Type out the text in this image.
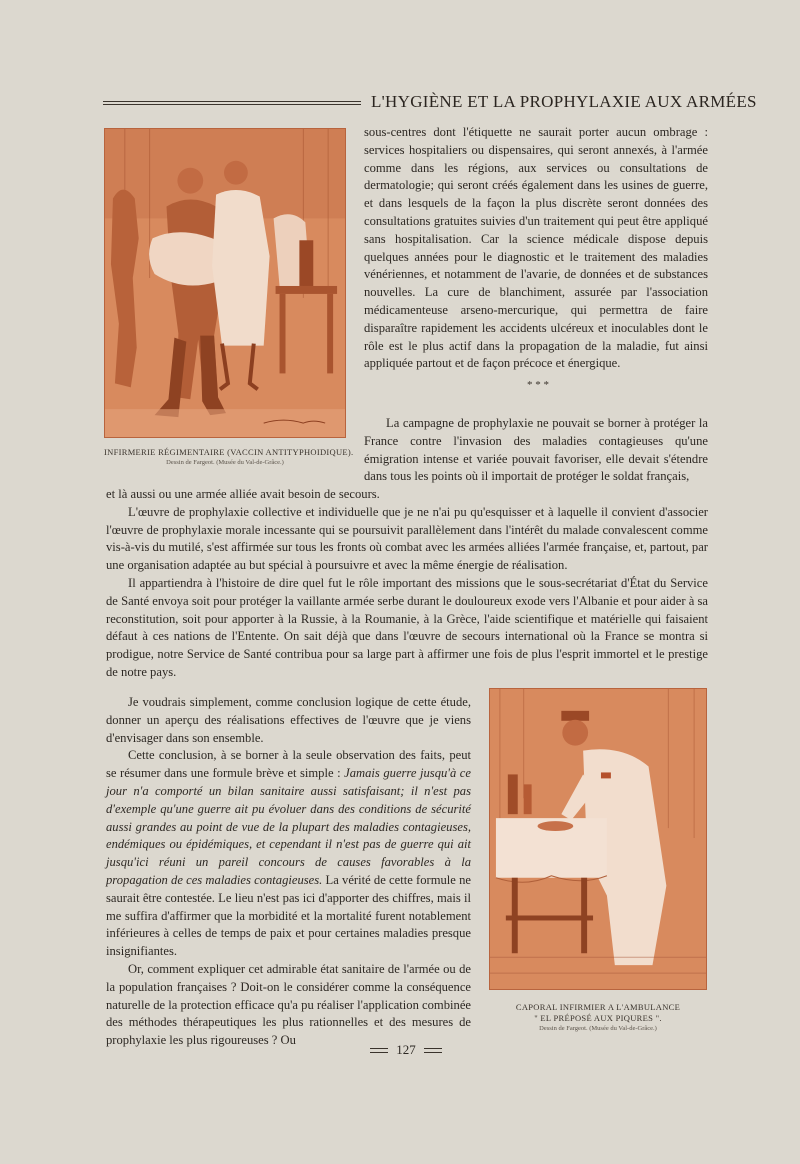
L'HYGIÈNE ET LA PROPHYLAXIE AUX ARMÉES
INFIRMERIE RÉGIMENTAIRE (VACCIN ANTITYPHOIDIQUE).
Dessin de Fargeot. (Musée du Val-de-Grâce.)

sous-centres dont l'étiquette ne saurait porter aucun ombrage : services hospitaliers ou dispensaires, qui seront annexés, à l'armée comme dans les régions, aux services ou consultations de dermatologie; qui seront créés également dans les usines de guerre, et dans lesquels de la façon la plus discrète seront données des consultations gratuites suivies d'un traitement qui peut être appliqué sans hospitalisation. Car la science médicale dispose depuis quelques années pour le diagnostic et le traitement des maladies vénériennes, et notamment de l'avarie, de données et de substances nouvelles. La cure de blanchiment, assurée par l'association médicamenteuse arseno-mercurique, qui permettra de faire disparaître rapidement les accidents ulcéreux et inoculables dont le rôle est le plus actif dans la propagation de la maladie, fut ainsi appliquée partout et de façon précoce et énergique.

* * *

La campagne de prophylaxie ne pouvait se borner à protéger la France contre l'invasion des maladies contagieuses qu'une émigration intense et variée pouvait favoriser, elle devait s'étendre dans tous les points où il importait de protéger le soldat français,

et là aussi ou une armée alliée avait besoin de secours.

L'œuvre de prophylaxie collective et individuelle que je ne n'ai pu qu'esquisser et à laquelle il convient d'associer l'œuvre de prophylaxie morale incessante qui se poursuivit parallèlement dans l'intérêt du malade convalescent comme vis-à-vis du mutilé, s'est affirmée sur tous les fronts où combat avec les armées alliées l'armée française, et, partout, par une organisation adaptée au but spécial à poursuivre et avec la même énergie de réalisation.

Il appartiendra à l'histoire de dire quel fut le rôle important des missions que le sous-secrétariat d'État du Service de Santé envoya soit pour protéger la vaillante armée serbe durant le douloureux exode vers l'Albanie et pour aider à sa reconstitution, soit pour apporter à la Russie, à la Roumanie, à la Grèce, l'aide scientifique et matérielle qui faisaient défaut à ces nations de l'Entente. On sait déjà que dans l'œuvre de secours international où la France se montra si prodigue, notre Service de Santé contribua pour sa large part à affirmer une fois de plus l'esprit immortel et le prestige de notre pays.

Je voudrais simplement, comme conclusion logique de cette étude, donner un aperçu des réalisations effectives de l'œuvre que je viens d'envisager dans son ensemble.

Cette conclusion, à se borner à la seule observation des faits, peut se résumer dans une formule brève et simple : Jamais guerre jusqu'à ce jour n'a comporté un bilan sanitaire aussi satisfaisant; il n'est pas d'exemple qu'une guerre ait pu évoluer dans des conditions de sécurité aussi grandes au point de vue de la plupart des maladies contagieuses, endémiques ou épidémiques, et cependant il n'est pas de guerre qui ait jusqu'ici réuni un pareil concours de causes favorables à la propagation de ces maladies contagieuses. La vérité de cette formule ne saurait être contestée. Le lieu n'est pas ici d'apporter des chiffres, mais il me suffira d'affirmer que la morbidité et la mortalité furent notablement inférieures à celles de temps de paix et pour certaines maladies presque insignifiantes.

Or, comment expliquer cet admirable état sanitaire de l'armée ou de la population françaises ? Doit-on le considérer comme la conséquence naturelle de la protection efficace qu'a pu réaliser l'application combinée des méthodes thérapeutiques les plus rationnelles et des mesures de prophylaxie les plus rigoureuses ? Ou

CAPORAL INFIRMIER A L'AMBULANCE
" EL PRÉPOSÉ AUX PIQURES ".
Dessin de Fargeot. (Musée du Val-de-Grâce.)
127
